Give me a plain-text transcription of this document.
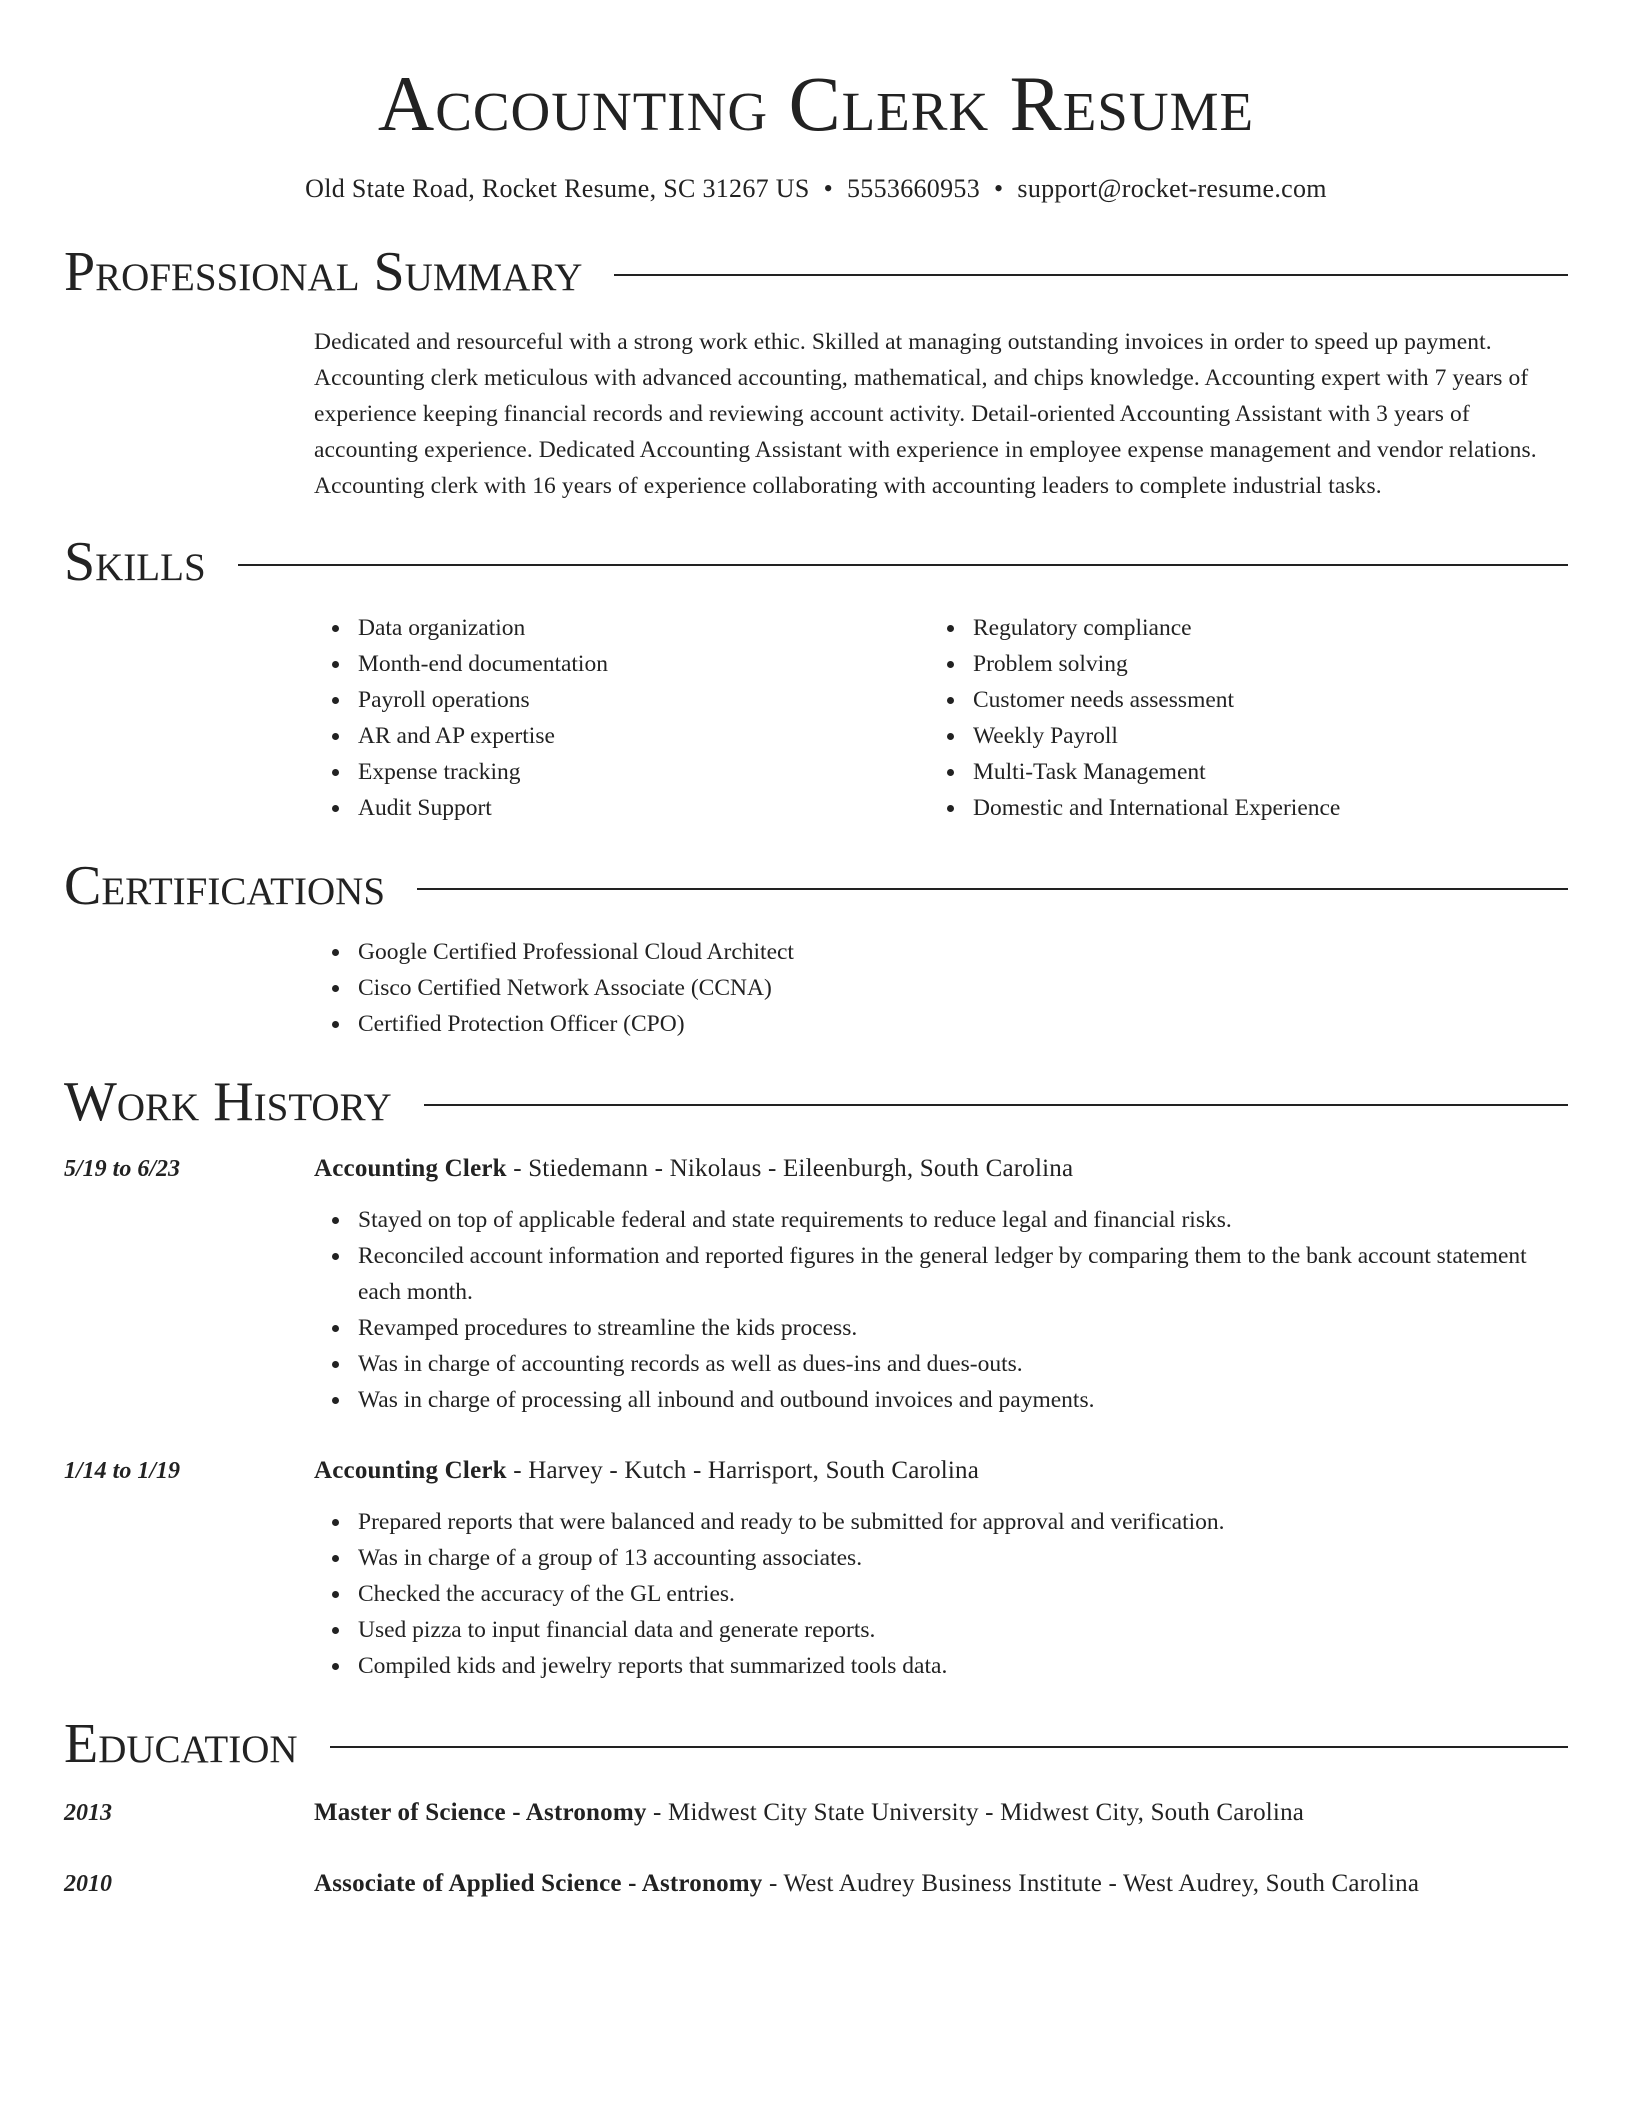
Accounting Clerk Resume
Old State Road, Rocket Resume, SC 31267 US • 5553660953 • support@rocket-resume.com
Professional Summary

Dedicated and resourceful with a strong work ethic. Skilled at managing outstanding invoices in order to speed up payment. Accounting clerk meticulous with advanced accounting, mathematical, and chips knowledge. Accounting expert with 7 years of experience keeping financial records and reviewing account activity. Detail-oriented Accounting Assistant with 3 years of accounting experience. Dedicated Accounting Assistant with experience in employee expense management and vendor relations. Accounting clerk with 16 years of experience collaborating with accounting leaders to complete industrial tasks.

Skills
Data organization
Month-end documentation
Payroll operations
AR and AP expertise
Expense tracking
Audit Support
Regulatory compliance
Problem solving
Customer needs assessment
Weekly Payroll
Multi-Task Management
Domestic and International Experience
Certifications
Google Certified Professional Cloud Architect
Cisco Certified Network Associate (CCNA)
Certified Protection Officer (CPO)
Work History
5/19 to 6/23	Accounting Clerk - Stiedemann - Nikolaus - Eileenburgh, South Carolina
Stayed on top of applicable federal and state requirements to reduce legal and financial risks.
Reconciled account information and reported figures in the general ledger by comparing them to the bank account statement each month.
Revamped procedures to streamline the kids process.
Was in charge of accounting records as well as dues-ins and dues-outs.
Was in charge of processing all inbound and outbound invoices and payments.
1/14 to 1/19	Accounting Clerk - Harvey - Kutch - Harrisport, South Carolina
Prepared reports that were balanced and ready to be submitted for approval and verification.
Was in charge of a group of 13 accounting associates.
Checked the accuracy of the GL entries.
Used pizza to input financial data and generate reports.
Compiled kids and jewelry reports that summarized tools data.
Education
2013	Master of Science - Astronomy - Midwest City State University - Midwest City, South Carolina
2010	Associate of Applied Science - Astronomy - West Audrey Business Institute - West Audrey, South Carolina
